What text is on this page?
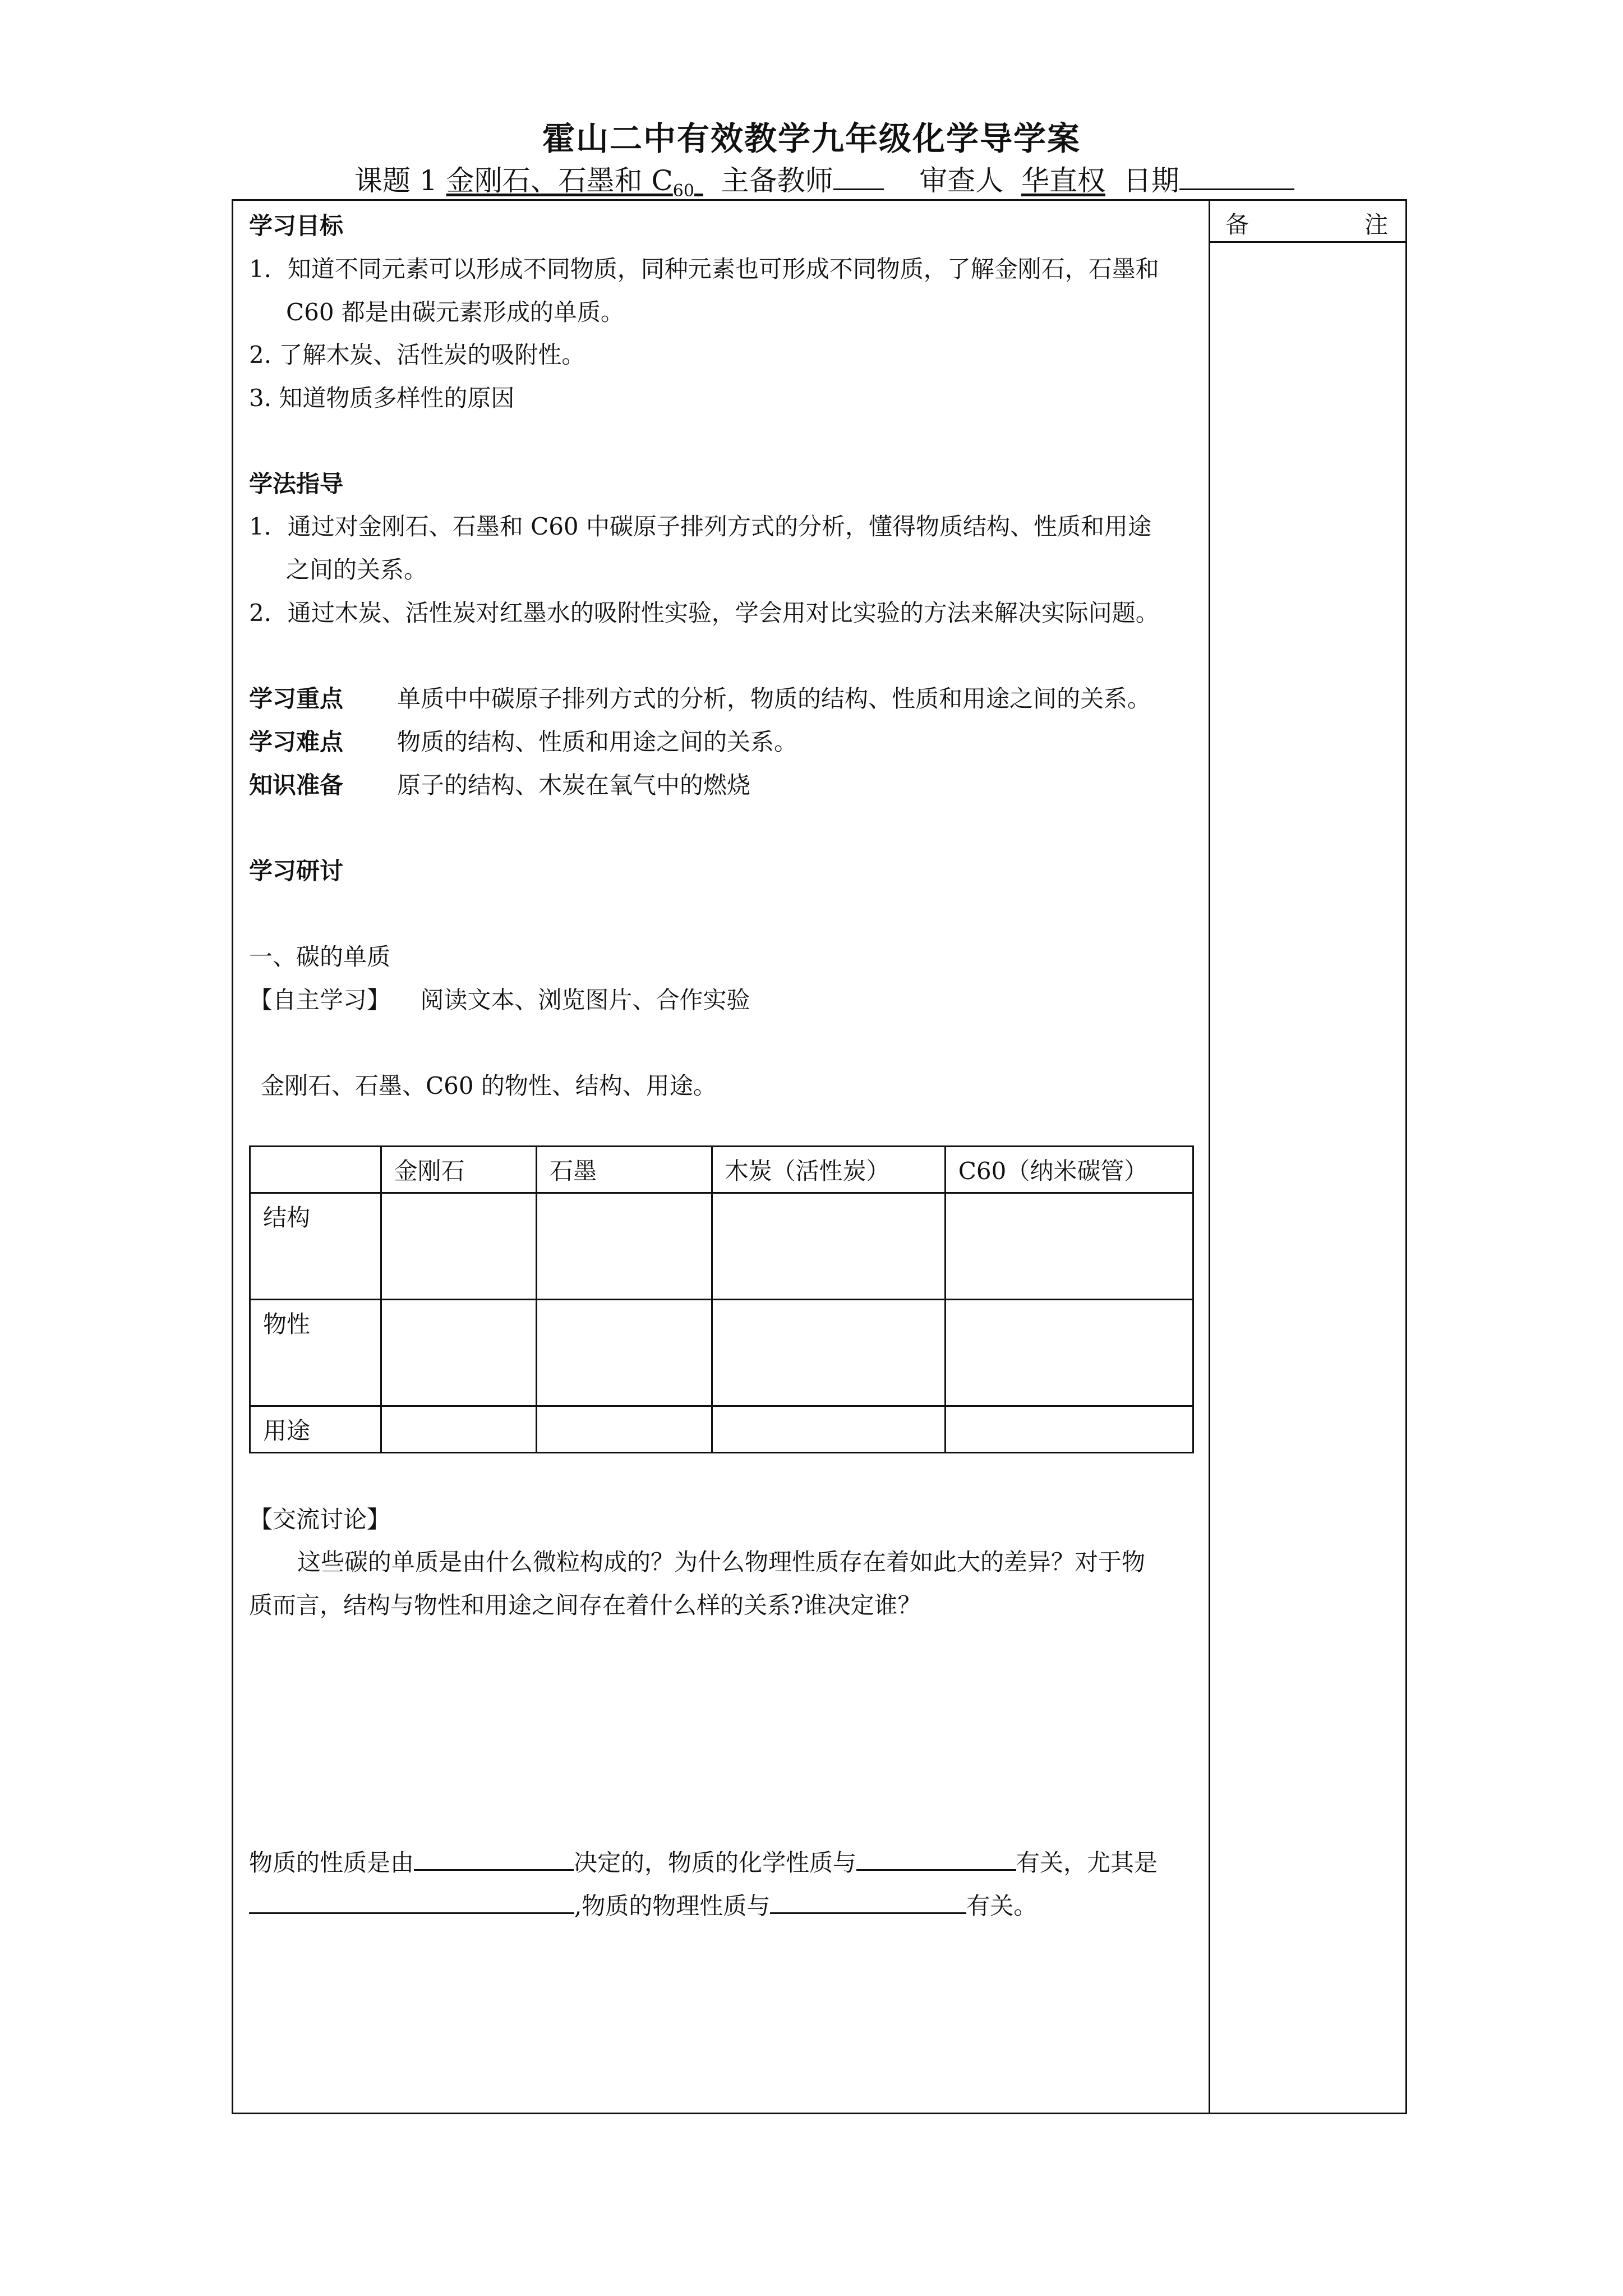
霍山二中有效教学九年级化学导学案
课题 1 金刚石、石墨和 $C_{60}$ 主备教师	审查人 华直权 日期
备	注
学习目标
1．知道不同元素可以形成不同物质，同种元素也可形成不同物质，了解金刚石，石墨和
C60 都是由碳元素形成的单质。
2. 了解木炭、活性炭的吸附性。
3. 知道物质多样性的原因
学法指导
1．通过对金刚石、石墨和 C60 中碳原子排列方式的分析，懂得物质结构、性质和用途
之间的关系。
2．通过木炭、活性炭对红墨水的吸附性实验，学会用对比实验的方法来解决实际问题。
学习重点 单质中中碳原子排列方式的分析，物质的结构、性质和用途之间的关系。
学习难点 物质的结构、性质和用途之间的关系。
知识准备 原子的结构、木炭在氧气中的燃烧
学习研讨
一、碳的单质
【自主学习】 阅读文本、浏览图片、合作实验
金刚石、石墨、C60 的物性、结构、用途。
	金刚石	石墨	木炭（活性炭）	C60（纳米碳管）
结构				
物性				
用途				
【交流讨论】
这些碳的单质是由什么微粒构成的？为什么物理性质存在着如此大的差异？对于物
质而言，结构与物性和用途之间存在着什么样的关系?谁决定谁？
物质的性质是由	决定的，物质的化学性质与	有关，尤其是
,物质的物理性质与	有关。
